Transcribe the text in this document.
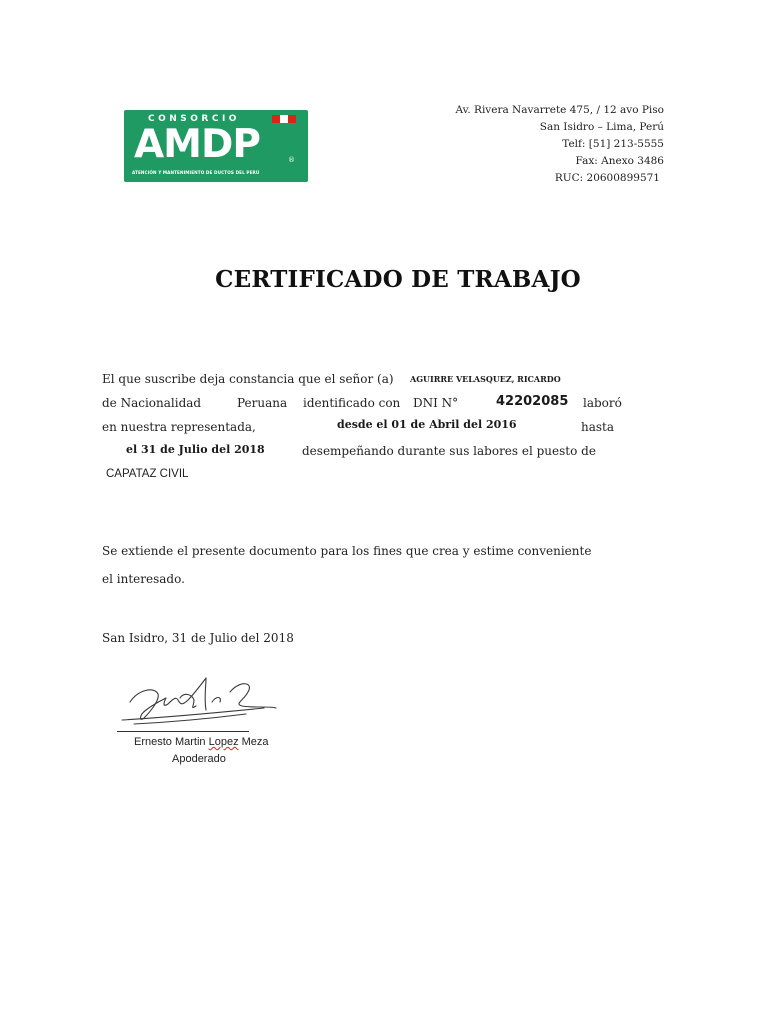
CONSORCIO
AMDP	®
ATENCIÓN Y MANTENIMIENTO DE DUCTOS DEL PERÚ
Av. Rivera Navarrete 475, / 12 avo Piso
San Isidro – Lima, Perú
Telf: [51] 213-5555
Fax: Anexo 3486
RUC: 20600899571
CERTIFICADO DE TRABAJO
El que suscribe deja constancia que el señor (a) AGUIRRE VELASQUEZ, RICARDO
de Nacionalidad	Peruana identificado con DNI N°	42202085 laboró
en nuestra representada,	desde el 01 de Abril del 2016	hasta
el 31 de Julio del 2018	desempeñando durante sus labores el puesto de
CAPATAZ CIVIL
Se extiende el presente documento para los fines que crea y estime conveniente
el interesado.
San Isidro, 31 de Julio del 2018
Ernesto Martin Lopez Meza
Apoderado
